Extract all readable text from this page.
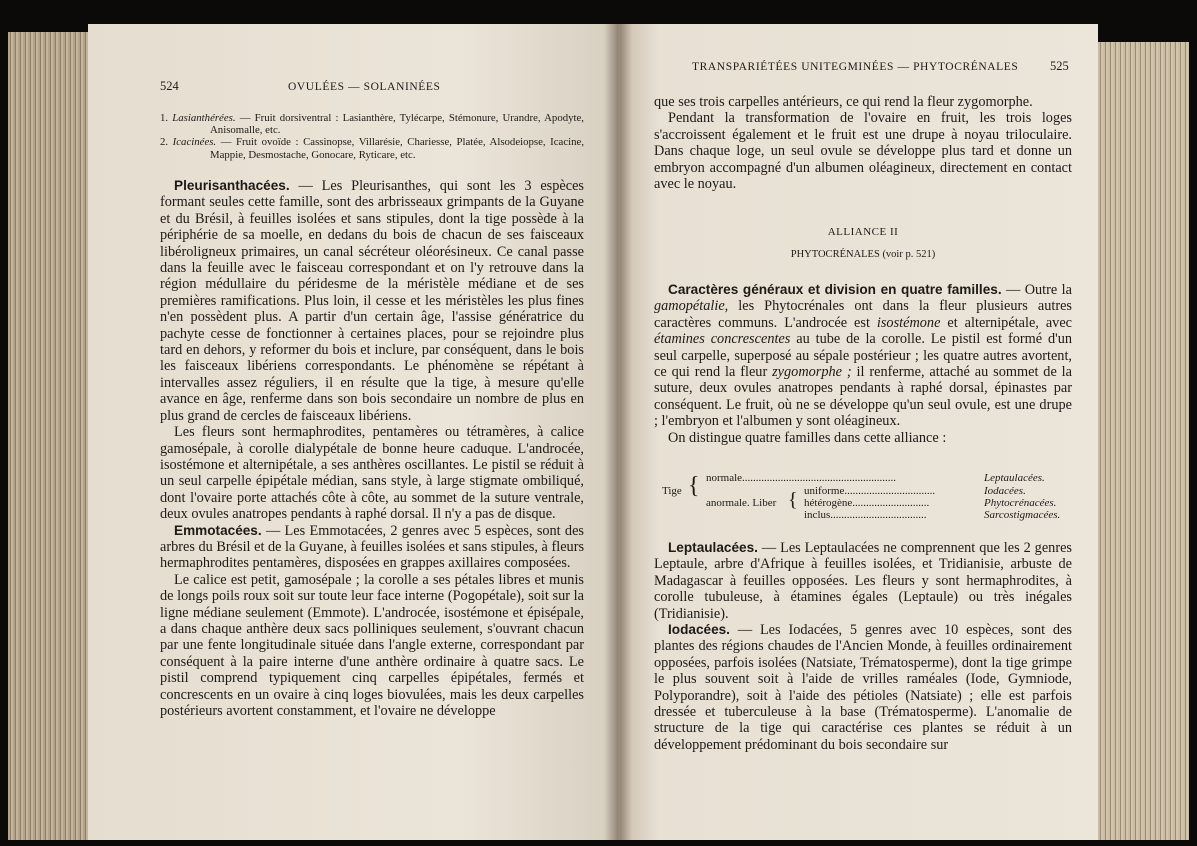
524	OVULÉES — SOLANINÉES

1. Lasianthérées. — Fruit dorsiventral : Lasianthère, Tylécarpe, Stémonure, Urandre, Apodyte, Anisomalle, etc.

2. Icacinées. — Fruit ovoïde : Cassinopse, Villarésie, Chariesse, Platée, Alsodeiopse, Icacine, Mappie, Desmostache, Gonocare, Ryticare, etc.

Pleurisanthacées. — Les Pleurisanthes, qui sont les 3 espèces formant seules cette famille, sont des arbrisseaux grimpants de la Guyane et du Brésil, à feuilles isolées et sans stipules, dont la tige possède à la périphérie de sa moelle, en dedans du bois de chacun de ses faisceaux libéroligneux primaires, un canal sécréteur oléorésineux. Ce canal passe dans la feuille avec le faisceau correspondant et on l'y retrouve dans la région médullaire du péridesme de la méristèle médiane et de ses premières ramifications. Plus loin, il cesse et les méristèles les plus fines n'en possèdent plus. A partir d'un certain âge, l'assise génératrice du pachyte cesse de fonctionner à certaines places, pour se rejoindre plus tard en dehors, y reformer du bois et inclure, par conséquent, dans le bois les faisceaux libériens correspondants. Le phénomène se répétant à intervalles assez réguliers, il en résulte que la tige, à mesure qu'elle avance en âge, renferme dans son bois secondaire un nombre de plus en plus grand de cercles de faisceaux libériens.

Les fleurs sont hermaphrodites, pentamères ou tétramères, à calice gamosépale, à corolle dialypétale de bonne heure caduque. L'androcée, isostémone et alternipétale, a ses anthères oscillantes. Le pistil se réduit à un seul carpelle épipétale médian, sans style, à large stigmate ombiliqué, dont l'ovaire porte attachés côte à côte, au sommet de la suture ventrale, deux ovules anatropes pendants à raphé dorsal. Il n'y a pas de disque.

Emmotacées. — Les Emmotacées, 2 genres avec 5 espèces, sont des arbres du Brésil et de la Guyane, à feuilles isolées et sans stipules, à fleurs hermaphrodites pentamères, disposées en grappes axillaires composées.

Le calice est petit, gamosépale ; la corolle a ses pétales libres et munis de longs poils roux soit sur toute leur face interne (Pogopétale), soit sur la ligne médiane seulement (Emmote). L'androcée, isostémone et épisépale, a dans chaque anthère deux sacs polliniques seulement, s'ouvrant chacun par une fente longitudinale située dans l'angle externe, correspondant par conséquent à la paire interne d'une anthère ordinaire à quatre sacs. Le pistil comprend typiquement cinq carpelles épipétales, fermés et concrescents en un ovaire à cinq loges biovulées, mais les deux carpelles postérieurs avortent constamment, et l'ovaire ne développe

TRANSPARIÉTÉES UNITEGMINÉES — PHYTOCRÉNALES	525

que ses trois carpelles antérieurs, ce qui rend la fleur zygomorphe.

Pendant la transformation de l'ovaire en fruit, les trois loges s'accroissent également et le fruit est une drupe à noyau triloculaire. Dans chaque loge, un seul ovule se développe plus tard et donne un embryon accompagné d'un albumen oléagineux, directement en contact avec le noyau.

ALLIANCE II
PHYTOCRÉNALES (voir p. 521)

Caractères généraux et division en quatre familles. — Outre la gamopétalie, les Phytocrénales ont dans la fleur plusieurs autres caractères communs. L'androcée est isostémone et alternipétale, avec étamines concrescentes au tube de la corolle. Le pistil est formé d'un seul carpelle, superposé au sépale postérieur ; les quatre autres avortent, ce qui rend la fleur zygomorphe ; il renferme, attaché au sommet de la suture, deux ovules anatropes pendants à raphé dorsal, épinastes par conséquent. Le fruit, où ne se développe qu'un seul ovule, est une drupe ; l'embryon et l'albumen y sont oléagineux.

On distingue quatre familles dans cette alliance :

Tige { normale........................................................
anormale. Liber { uniforme.................................
hétérogène............................
inclus...................................
Leptaulacées.
Iodacées.
Phytocrénacées.
Sarcostigmacées.

Leptaulacées. — Les Leptaulacées ne comprennent que les 2 genres Leptaule, arbre d'Afrique à feuilles isolées, et Tridianisie, arbuste de Madagascar à feuilles opposées. Les fleurs y sont hermaphrodites, à corolle tubuleuse, à étamines égales (Leptaule) ou très inégales (Tridianisie).

Iodacées. — Les Iodacées, 5 genres avec 10 espèces, sont des plantes des régions chaudes de l'Ancien Monde, à feuilles ordinairement opposées, parfois isolées (Natsiate, Trématosperme), dont la tige grimpe le plus souvent soit à l'aide de vrilles raméales (Iode, Gymniode, Polyporandre), soit à l'aide des pétioles (Natsiate) ; elle est parfois dressée et tuberculeuse à la base (Trématosperme). L'anomalie de structure de la tige qui caractérise ces plantes se réduit à un développement prédominant du bois secondaire sur
